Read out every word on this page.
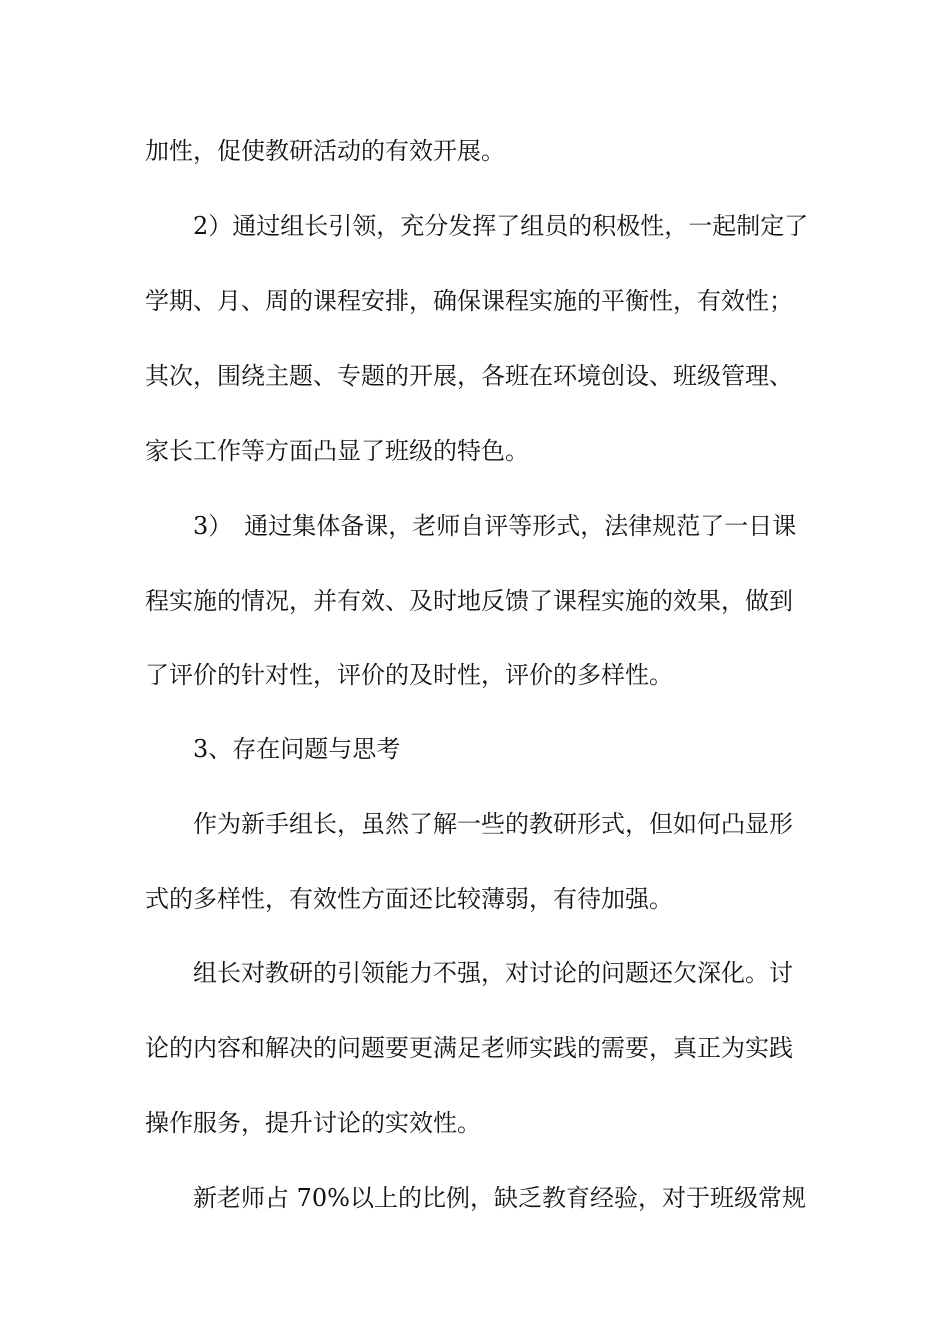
加性，促使教研活动的有效开展。
2）通过组长引领，充分发挥了组员的积极性，一起制定了
学期、月、周的课程安排，确保课程实施的平衡性，有效性；
其次，围绕主题、专题的开展，各班在环境创设、班级管理、
家长工作等方面凸显了班级的特色。
3）　通过集体备课，老师自评等形式，法律规范了一日课
程实施的情况，并有效、及时地反馈了课程实施的效果，做到
了评价的针对性，评价的及时性，评价的多样性。
3、存在问题与思考
作为新手组长，虽然了解一些的教研形式，但如何凸显形
式的多样性，有效性方面还比较薄弱，有待加强。
组长对教研的引领能力不强，对讨论的问题还欠深化。讨
论的内容和解决的问题要更满足老师实践的需要，真正为实践
操作服务，提升讨论的实效性。
新老师占 70%以上的比例，缺乏教育经验，对于班级常规
